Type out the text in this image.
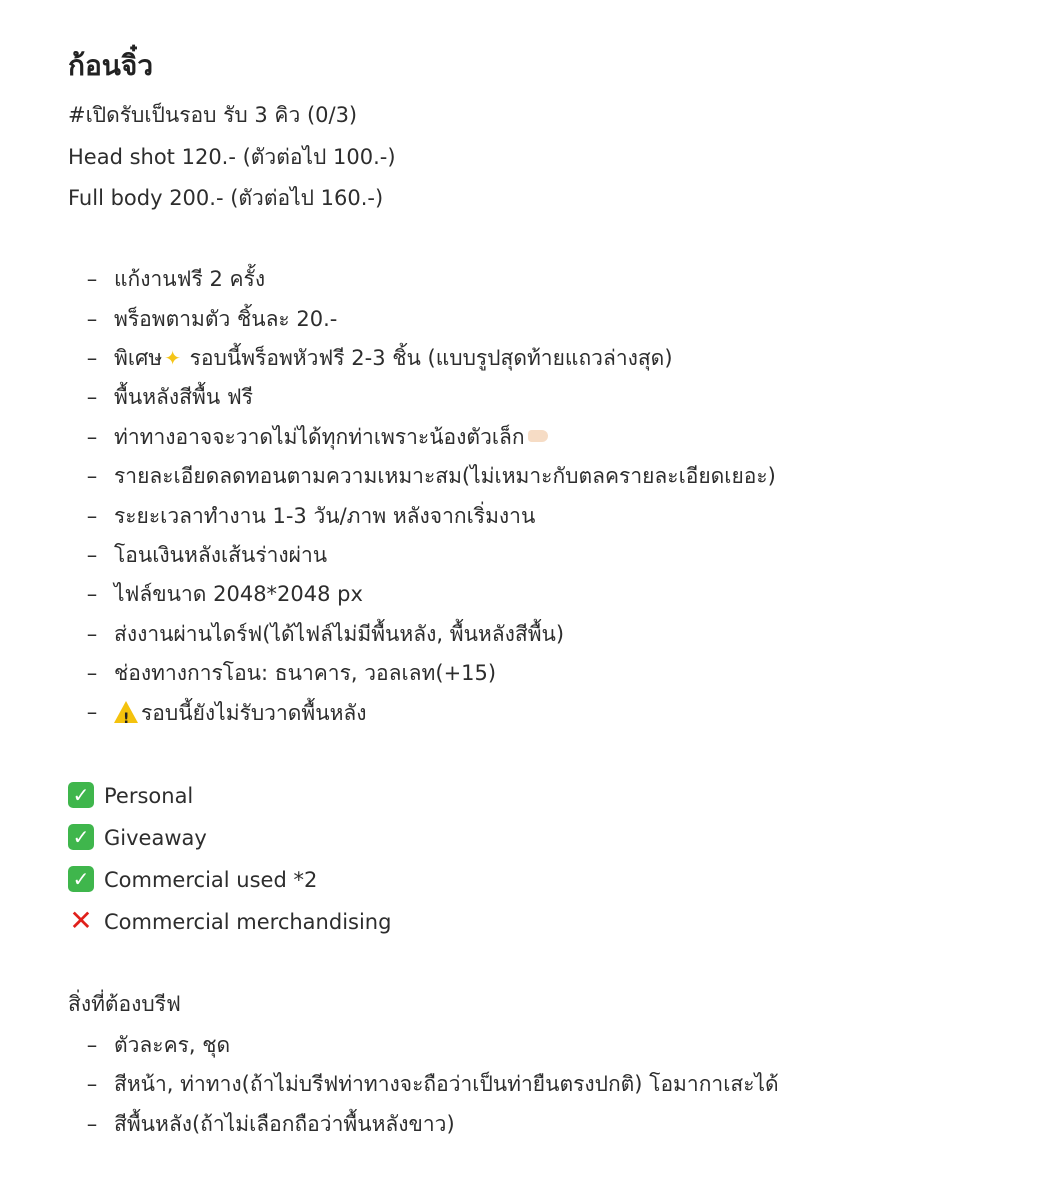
ก้อนจิ๋ว
#เปิดรับเป็นรอบ รับ 3 คิว (0/3)
Head shot 120.- (ตัวต่อไป 100.-)
Full body 200.- (ตัวต่อไป 160.-)
– แก้งานฟรี 2 ครั้ง
– พร็อพตามตัว ชิ้นละ 20.-
– พิเศษ ✦ รอบนี้พร็อพหัวฟรี 2-3 ชิ้น (แบบรูปสุดท้ายแถวล่างสุด)
– พื้นหลังสีพื้น ฟรี
– ท่าทางอาจจะวาดไม่ได้ทุกท่าเพราะน้องตัวเล็ก
– รายละเอียดลดทอนตามความเหมาะสม(ไม่เหมาะกับตลครายละเอียดเยอะ)
– ระยะเวลาทำงาน 1-3 วัน/ภาพ หลังจากเริ่มงาน
– โอนเงินหลังเส้นร่างผ่าน
– ไฟล์ขนาด 2048*2048 px
– ส่งงานผ่านไดร์ฟ(ได้ไฟล์ไม่มีพื้นหลัง, พื้นหลังสีพื้น)
– ช่องทางการโอน: ธนาคาร, วอลเลท(+15)
–
!	รอบนี้ยังไม่รับวาดพื้นหลัง
✓ Personal
✓ Giveaway
✓ Commercial used *2
✕ Commercial merchandising
สิ่งที่ต้องบรีฟ
– ตัวละคร, ชุด
– สีหน้า, ท่าทาง(ถ้าไม่บรีฟท่าทางจะถือว่าเป็นท่ายืนตรงปกติ) โอมากาเสะได้
– สีพื้นหลัง(ถ้าไม่เลือกถือว่าพื้นหลังขาว)
